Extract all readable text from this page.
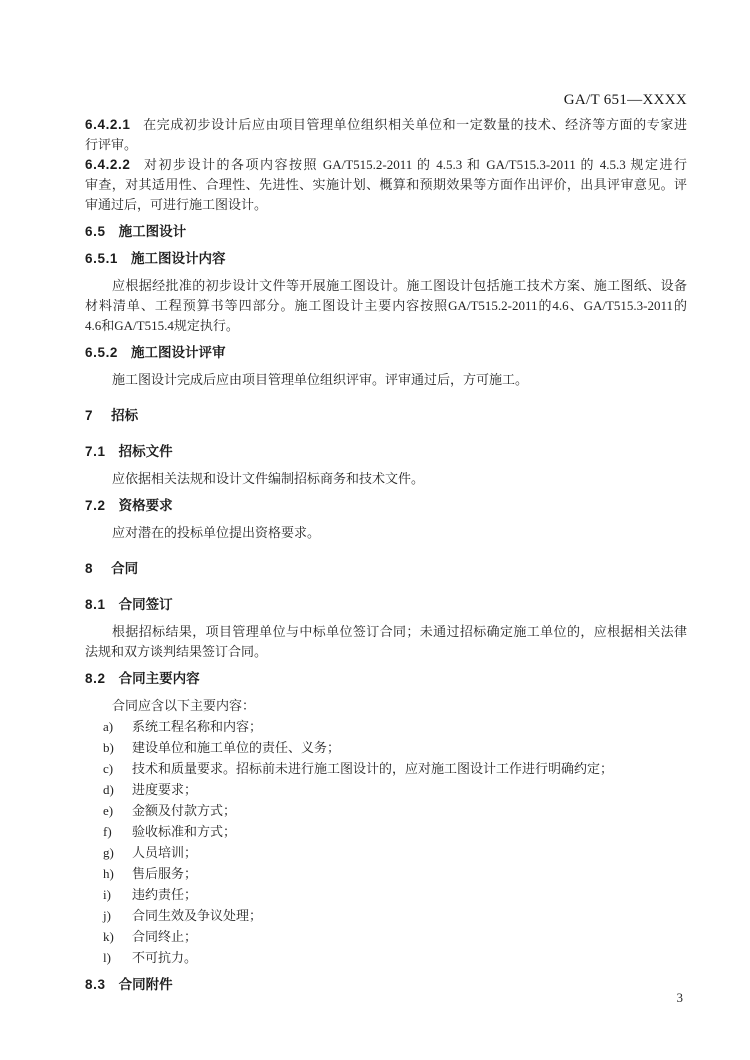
GA/T 651—XXXX
6.4.2.1 在完成初步设计后应由项目管理单位组织相关单位和一定数量的技术、经济等方面的专家进
行评审。
6.4.2.2 对初步设计的各项内容按照 GA/T515.2-2011 的 4.5.3 和 GA/T515.3-2011 的 4.5.3 规定进行
审查，对其适用性、合理性、先进性、实施计划、概算和预期效果等方面作出评价，出具评审意见。评
审通过后，可进行施工图设计。
6.5 施工图设计
6.5.1 施工图设计内容
应根据经批准的初步设计文件等开展施工图设计。施工图设计包括施工技术方案、施工图纸、设备
材料清单、工程预算书等四部分。施工图设计主要内容按照GA/T515.2-2011的4.6、GA/T515.3-2011的
4.6和GA/T515.4规定执行。
6.5.2 施工图设计评审
施工图设计完成后应由项目管理单位组织评审。评审通过后，方可施工。
7 招标
7.1 招标文件
应依据相关法规和设计文件编制招标商务和技术文件。
7.2 资格要求
应对潜在的投标单位提出资格要求。
8 合同
8.1 合同签订
根据招标结果，项目管理单位与中标单位签订合同；未通过招标确定施工单位的，应根据相关法律
法规和双方谈判结果签订合同。
8.2 合同主要内容
合同应含以下主要内容：
a) 系统工程名称和内容；
b) 建设单位和施工单位的责任、义务；
c) 技术和质量要求。招标前未进行施工图设计的，应对施工图设计工作进行明确约定；
d) 进度要求；
e) 金额及付款方式；
f) 验收标准和方式；
g) 人员培训；
h) 售后服务；
i) 违约责任；
j) 合同生效及争议处理；
k) 合同终止；
l) 不可抗力。
8.3 合同附件
3
